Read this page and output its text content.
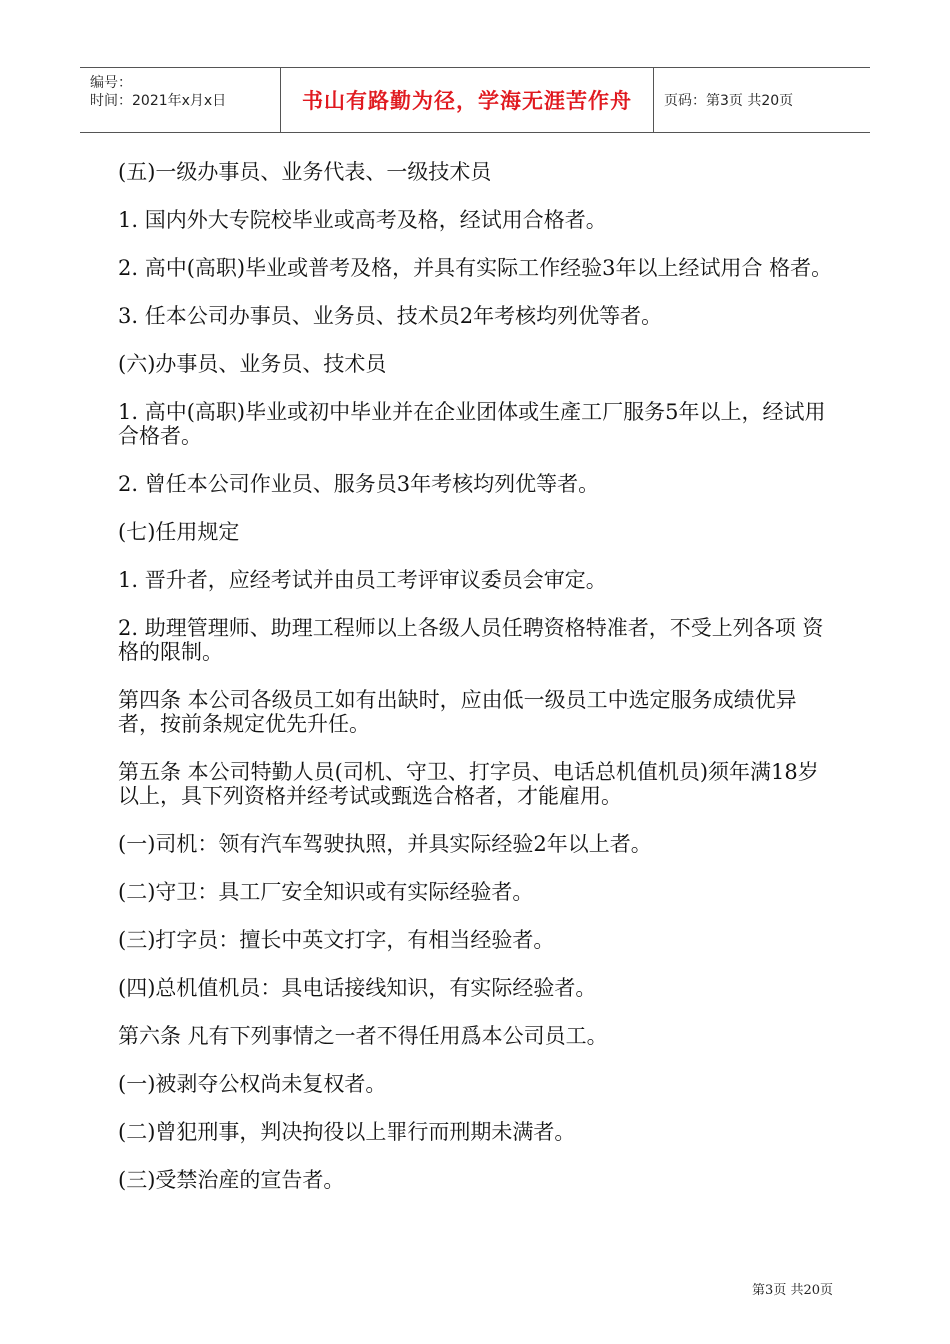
编号：
时间：2021年x月x日	书山有路勤为径，学海无涯苦作舟	页码：第3页 共20页

(五)一级办事员、业务代表、一级技术员

1. 国内外大专院校毕业或高考及格，经试用合格者。

2. 高中(高职)毕业或普考及格，并具有实际工作经验3年以上经试用合 格者。

3. 任本公司办事员、业务员、技术员2年考核均列优等者。

(六)办事员、业务员、技术员

1. 高中(高职)毕业或初中毕业并在企业团体或生產工厂服务5年以上，经试用合格者。

2. 曾任本公司作业员、服务员3年考核均列优等者。

(七)任用规定

1. 晋升者，应经考试并由员工考评审议委员会审定。

2. 助理管理师、助理工程师以上各级人员任聘资格特准者，不受上列各项 资格的限制。

第四条 本公司各级员工如有出缺时，应由低一级员工中选定服务成绩优异者，按前条规定优先升任。

第五条 本公司特勤人员(司机、守卫、打字员、电话总机值机员)须年满18岁以上，具下列资格并经考试或甄选合格者，才能雇用。

(一)司机：领有汽车驾驶执照，并具实际经验2年以上者。

(二)守卫：具工厂安全知识或有实际经验者。

(三)打字员：擅长中英文打字，有相当经验者。

(四)总机值机员：具电话接线知识，有实际经验者。

第六条 凡有下列事情之一者不得任用爲本公司员工。

(一)被剥夺公权尚未复权者。

(二)曾犯刑事，判决拘役以上罪行而刑期未满者。

(三)受禁治産的宣告者。

第3页 共20页
